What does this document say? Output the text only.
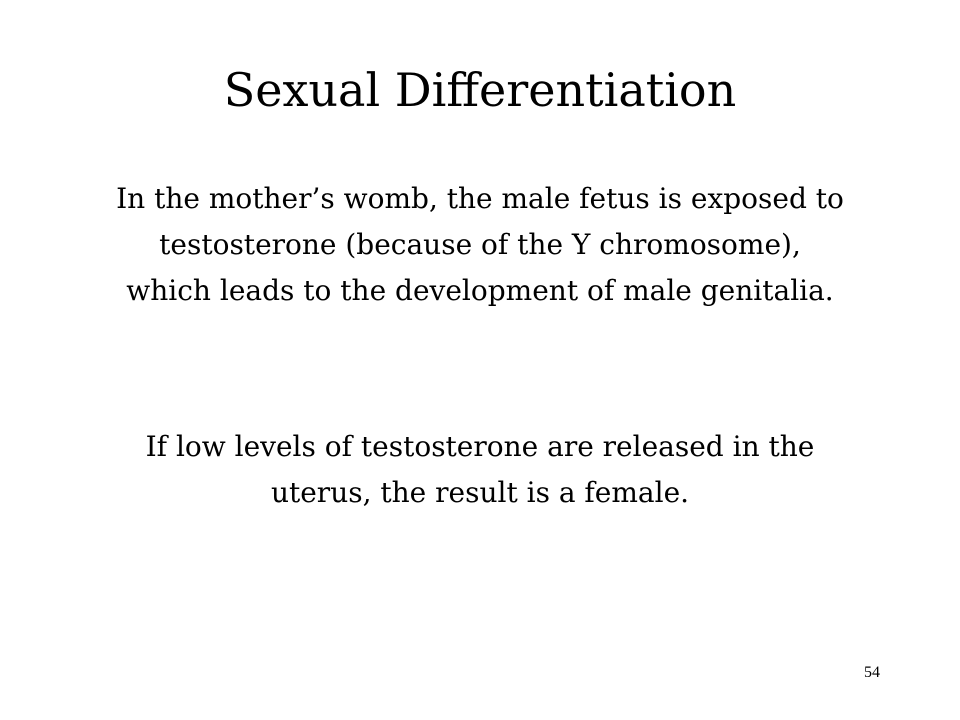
Sexual Differentiation
In the mother’s womb, the male fetus is exposed to
testosterone (because of the Y chromosome),
which leads to the development of male genitalia.
If low levels of testosterone are released in the
uterus, the result is a female.
54
